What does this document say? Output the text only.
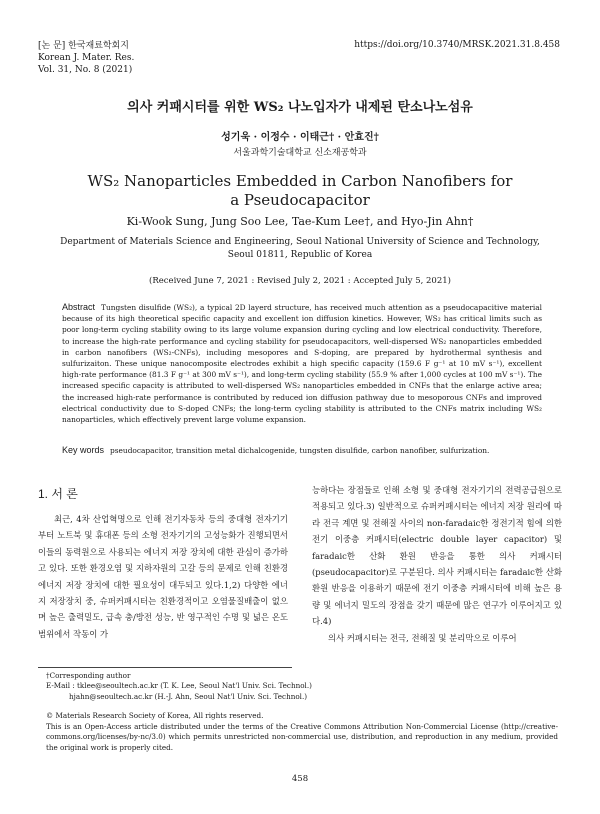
[논 문] 한국재료학회지
Korean J. Mater. Res.
Vol. 31, No. 8 (2021)
https://doi.org/10.3740/MRSK.2021.31.8.458
의사 커패시터를 위한 WS₂ 나노입자가 내제된 탄소나노섬유
성기욱 · 이정수 · 이태근† · 안효진†
서울과학기술대학교 신소재공학과
WS₂ Nanoparticles Embedded in Carbon Nanofibers for
a Pseudocapacitor
Ki-Wook Sung, Jung Soo Lee, Tae-Kum Lee†, and Hyo-Jin Ahn†
Department of Materials Science and Engineering, Seoul National University of Science and Technology,
Seoul 01811, Republic of Korea
(Received June 7, 2021 : Revised July 2, 2021 : Accepted July 5, 2021)
Abstract Tungsten disulfide (WS₂), a typical 2D layerd structure, has received much attention as a pseudocapacitive material because of its high theoretical specific capacity and excellent ion diffusion kinetics. However, WS₂ has critical limits such as poor long-term cycling stability owing to its large volume expansion during cycling and low electrical conductivity. Therefore, to increase the high-rate performance and cycling stability for pseudocapacitors, well-dispersed WS₂ nanoparticles embedded in carbon nanofibers (WS₂-CNFs), including mesopores and S-doping, are prepared by hydrothermal synthesis and sulfurizaiton. These unique nanocomposite electrodes exhibit a high specific capacity (159.6 F g⁻¹ at 10 mV s⁻¹), excellent high-rate performance (81.3 F g⁻¹ at 300 mV s⁻¹), and long-term cycling stability (55.9 % after 1,000 cycles at 100 mV s⁻¹). The increased specific capacity is attributed to well-dispersed WS₂ nanoparticles embedded in CNFs that the enlarge active area; the increased high-rate performance is contributed by reduced ion diffusion pathway due to mesoporous CNFs and improved electrical conductivity due to S-doped CNFs; the long-term cycling stability is attributed to the CNFs matrix including WS₂ nanoparticles, which effectively prevent large volume expansion.
Key words pseudocapacitor, transition metal dichalcogenide, tungsten disulfide, carbon nanofiber, sulfurization.
1. 서 론
최근, 4차 산업혁명으로 인해 전기자동차 등의 중대형 전자기기부터 노트북 및 휴대폰 등의 소형 전자기기의 고성능화가 진행되면서 이들의 동력원으로 사용되는 에너지 저장 장치에 대한 관심이 증가하고 있다. 또한 환경오염 및 지하자원의 고갈 등의 문제로 인해 친환경 에너지 저장 장치에 대한 필요성이 대두되고 있다.1,2) 다양한 에너지 저장장치 중, 슈퍼커패시터는 친환경적이고 오염물질배출이 없으며 높은 출력밀도, 급속 충/방전 성능, 반 영구적인 수명 및 넓은 온도범위에서 작동이 가

능하다는 장점들로 인해 소형 및 중대형 전자기기의 전력공급원으로 적용되고 있다.3) 일반적으로 슈퍼커패시터는 에너지 저장 원리에 따라 전극 계면 및 전해질 사이의 non-faradaic한 정전기적 힘에 의한 전기 이중층 커패시터(electric double layer capacitor) 및 faradaic한 산화 환원 반응을 통한 의사 커패시터(pseudocapacitor)로 구분된다. 의사 커패시터는 faradaic한 산화 환원 반응을 이용하기 때문에 전기 이중층 커패시터에 비해 높은 용량 및 에너지 밀도의 장점을 갖기 때문에 많은 연구가 이루어지고 있다.4)

의사 커패시터는 전극, 전해질 및 분리막으로 이루어

†Corresponding author
E-Mail : tklee@seoultech.ac.kr (T. K. Lee, Seoul Nat'l Univ. Sci. Technol.)
hjahn@seoultech.ac.kr (H.-J. Ahn, Seoul Nat'l Univ. Sci. Technol.)
© Materials Research Society of Korea, All rights reserved.
This is an Open-Access article distributed under the terms of the Creative Commons Attribution Non-Commercial License (http://creative-commons.org/licenses/by-nc/3.0) which permits unrestricted non-commercial use, distribution, and reproduction in any medium, provided the original work is properly cited.
458
